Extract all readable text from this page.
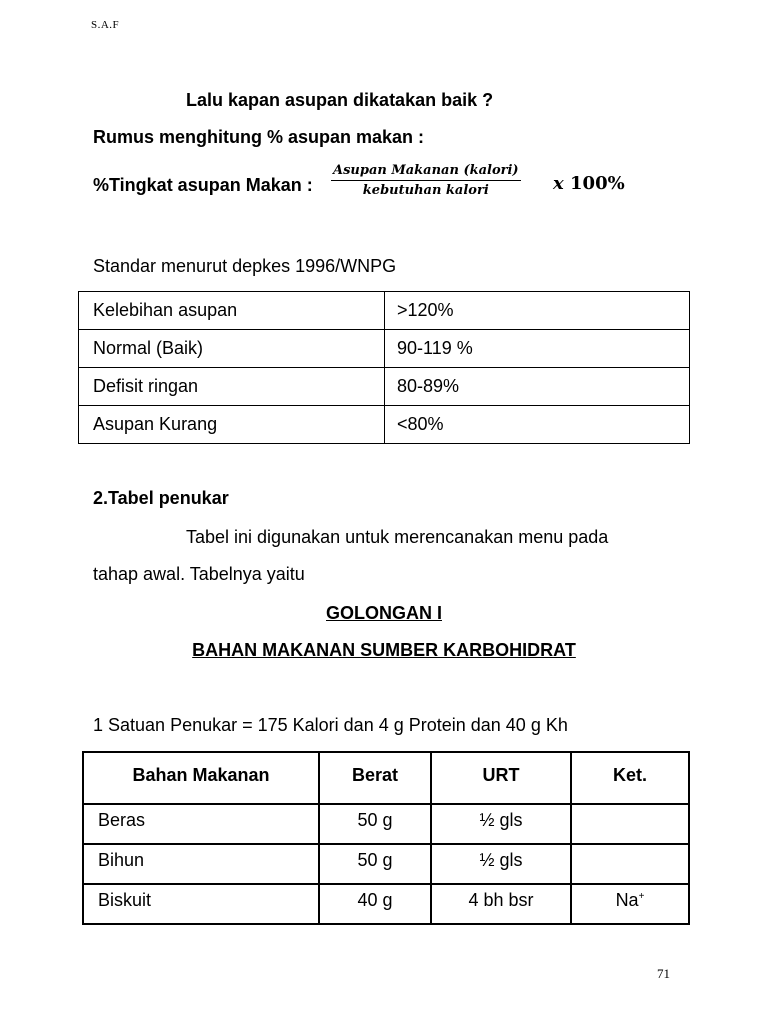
S.A.F
Lalu kapan asupan dikatakan baik ?
Rumus menghitung % asupan makan :
%Tingkat asupan Makan :
Asupan Makanan (kalori)
kebutuhan kalori	x 100%
Standar menurut depkes 1996/WNPG
Kelebihan asupan	>120%
Normal (Baik)	90-119 %
Defisit ringan	80-89%
Asupan Kurang	<80%
2.Tabel penukar
Tabel ini digunakan untuk merencanakan menu pada
tahap awal. Tabelnya yaitu
GOLONGAN I
BAHAN MAKANAN SUMBER KARBOHIDRAT
1 Satuan Penukar = 175 Kalori dan 4 g Protein dan 40 g Kh
Bahan Makanan	Berat	URT	Ket.
Beras	50 g	½ gls	
Bihun	50 g	½ gls	
Biskuit	40 g	4 bh bsr	Na+
71
